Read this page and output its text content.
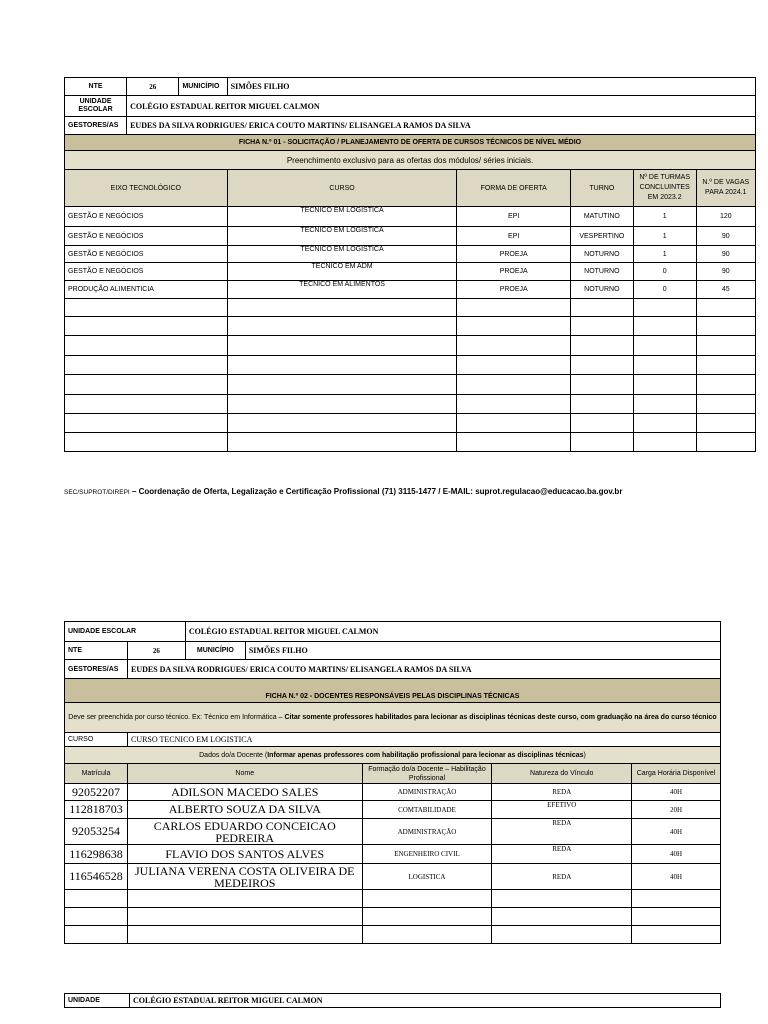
NTE	26	MUNICÍPIO	SIMÕES FILHO				
UNIDADE ESCOLAR	COLÉGIO ESTADUAL REITOR MIGUEL CALMON						
GESTORES/AS	EUDES DA SILVA RODRIGUES/ ERICA COUTO MARTINS/ ELISANGELA RAMOS DA SILVA						
FICHA N.º 01 - SOLICITAÇÃO / PLANEJAMENTO DE OFERTA DE CURSOS TÉCNICOS DE NÍVEL MÉDIO							
Preenchimento exclusivo para as ofertas dos módulos/ séries iniciais.							
EIXO TECNOLÓGICO			CURSO	FORMA DE OFERTA	TURNO	Nº DE TURMAS CONCLUINTES EM 2023.2	N.º DE VAGAS PARA 2024.1
GESTÃO E NEGÓCIOS			TECNICO EM LOGÍSTICA	EPI	MATUTINO	1	120
GESTÃO E NEGÓCIOS			TECNICO EM LOGÍSTICA	EPI	VESPERTINO	1	90
GESTÃO E NEGÓCIOS			TECNICO EM LOGÍSTICA	PROEJA	NOTURNO	1	90
GESTÃO E NEGÓCIOS			TECNICO EM ADM	PROEJA	NOTURNO	0	90
PRODUÇÃO ALIMENTICIA			TECNICO EM ALIMENTOS	PROEJA	NOTURNO	0	45

SEC/SUPROT/DIREPI – Coordenação de Oferta, Legalização e Certificação Profissional (71) 3115-1477 / E-MAIL: suprot.regulacao@educacao.ba.gov.br
UNIDADE ESCOLAR		COLÉGIO ESTADUAL REITOR MIGUEL CALMON				
NTE	26	MUNICÍPIO	SIMÕES FILHO			
GESTORES/AS	EUDES DA SILVA RODRIGUES/ ERICA COUTO MARTINS/ ELISANGELA RAMOS DA SILVA					
FICHA N.º 02 - DOCENTES RESPONSÁVEIS PELAS DISCIPLINAS TÉCNICAS						
Deve ser preenchida por curso técnico. Ex: Técnico em Informática – Citar somente professores habilitados para lecionar as disciplinas técnicas deste curso, com graduação na área do curso técnico						
CURSO	CURSO TECNICO EM LOGISTICA					
Dados do/a Docente (Informar apenas professores com habilitação profissional para lecionar as disciplinas técnicas)						
Matrícula	Nome			Formação do/a Docente – Habilitação Profissional	Natureza do Vínculo	Carga Horária Disponível
92052207	ADILSON MACEDO SALES			ADMINISTRAÇÃO	REDA	40H
112818703	ALBERTO SOUZA DA SILVA			COMTABILIDADE	EFETIVO	20H
92053254	CARLOS EDUARDO CONCEICAO PEDREIRA			ADMINISTRAÇÃO	REDA	40H
116298638	FLAVIO DOS SANTOS ALVES			ENGENHEIRO CIVIL	REDA	40H
116546528	JULIANA VERENA COSTA OLIVEIRA DE MEDEIROS			LOGISTICA	REDA	40H

UNIDADE	COLÉGIO ESTADUAL REITOR MIGUEL CALMON
